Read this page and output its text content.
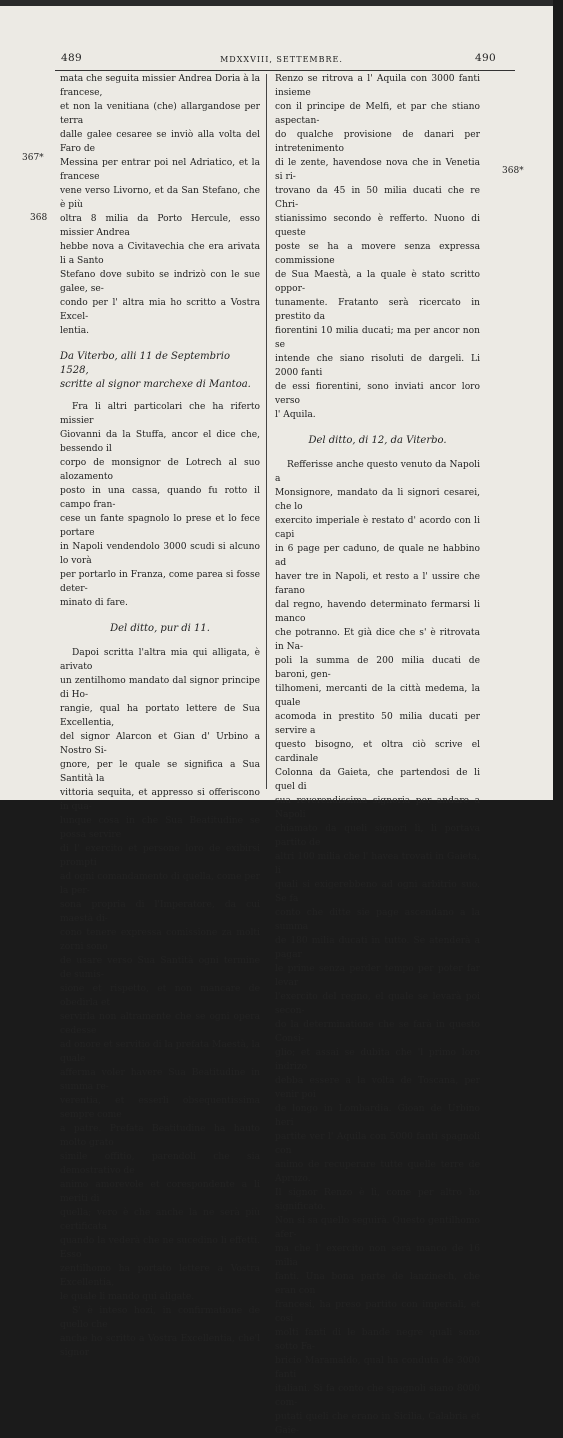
489	MDXXVIII, SETTEMBRE.	490
367*
368
368*

mata che seguita missier Andrea Doria à la francese,
et non la venitiana (che) allargandose per terra
dalle galee cesaree se inviò alla volta del Faro de
Messina per entrar poi nel Adriatico, et la francese
vene verso Livorno, et da San Stefano, che è più
oltra 8 milia da Porto Hercule, esso missier Andrea
hebbe nova a Civitavechia che era arivata li a Santo
Stefano dove subito se indrizò con le sue galee, se-
condo per l' altra mia ho scritto a Vostra Excel-
lentia.

Da Viterbo, alli 11 de Septembrio 1528,
scritte al signor marchexe di Mantoa.

Fra li altri particolari che ha riferto missier
Giovanni da la Stuffa, ancor el dice che, bessendo il
corpo de monsignor de Lotrech al suo alozamento
posto in una cassa, quando fu rotto il campo fran-
cese un fante spagnolo lo prese et lo fece portare
in Napoli vendendolo 3000 scudi si alcuno lo vorà
per portarlo in Franza, come parea si fosse deter-
minato di fare.

Del ditto, pur di 11.

Dapoi scritta l'altra mia qui alligata, è arivato
un zentilhomo mandato dal signor principe di Ho-
rangie, qual ha portato lettere de Sua Excellentia,
del signor Alarcon et Gian d' Urbino a Nostro Si-
gnore, per le quale se significa a Sua Santità la
vittoria sequita, et appresso si offeriscono in qua-
lunque cosa in che Sua Beatitudine se possa servire
di l' exercito et persone loro de exibirsi prompti
ad ogni comandamento di quella, come per la per-
sona propria di l'Imperatore, da cui maestà di-
cono tenere expressa comissione za molti zorni sono
de usare verso Sua Santità ogni termine de sumis-
sione et rispetto, et non mancare de obedirla et
servirla non altramente che se ogni opera cedesse
ad onore et servitio di la prefata Maestà, la quale
afferma voler havere Sua Beatitudine in summa re-
verentia, et esserli obsequentissima sempre come
a patre. Prefata Beatitudine ha hauto molto grato
simile offitio, parendoli che sia demostrativo de
animo amorevole et corespondente a li meriti di
quella; vero è che anche la ne serà più certificata
quando la vederà che ne sucedino li effetti. Esso
zentilhomo ha portato lettere a Vostra Excellentia,
le quale li mando qui aligate.

S' è inteso hozi, in confirmatione de quello che
anche ho scritto a Vostra Excellentia, che'l signor

Renzo se ritrova a l' Aquila con 3000 fanti insieme
con il principe de Melfi, et par che stiano aspectan-
do qualche provisione de danari per intretenimento
di le zente, havendose nova che in Venetia si ri-
trovano da 45 in 50 milia ducati che re Chri-
stianissimo secondo è refferto. Nuono di queste
poste se ha a movere senza expressa commissione
de Sua Maestà, a la quale è stato scritto oppor-
tunamente. Fratanto serà ricercato in prestito da
fiorentini 10 milia ducati; ma per ancor non se
intende che siano risoluti de dargeli. Li 2000 fanti
de essi fiorentini, sono inviati ancor loro verso
l' Aquila.

Del ditto, di 12, da Viterbo.

Refferisse anche questo venuto da Napoli a
Monsignore, mandato da li signori cesarei, che lo
exercito imperiale è restato d' acordo con li capi
in 6 page per caduno, de quale ne habbino ad
haver tre in Napoli, et resto a l' ussire che farano
dal regno, havendo determinato fermarsi li manco
che potranno. Et già dice che s' è ritrovata in Na-
poli la summa de 200 milia ducati de baroni, gen-
tilhomeni, mercanti de la città medema, la quale
acomoda in prestito 50 milia ducati per servire a
questo bisogno, et oltra ciò scrive el cardinale
Colonna da Gaieta, che partendosi de li quel di
sua reverendissima signoria per andare a Napoli
chiamato da queli signori lì, li portava partito de
altri 100 milia che l' havea trovati in Gaieta, li
quali si exigerebbeno ad ogni arbitrio suo. Se fa
conto che ditte sie page ascendano a la summa
de 180 milia ducati in tutto. Se atenderà a pagar
le prime senza perder tempo per poter far levar
l'exercito del regno, el quale se levarà poi secon-
do la determinatione che se farà in questo Consi-
glio; et assai se dubita che 'l primo loro indrizo
debba essere a la volta de Toscana, per venir poi
de longo in Lombardia. Gioan de Urbino heri
partite ver l' Aquila con 5000 fanti spagnoli con
animo de recuperare tutte quelle terre de Apruzo.
Il signor Renzo è lì, come per altro ho significato.
Non si sa quello seguirà. Questo gentilhomo afer-
ma che l' exercito non serà manco de 16 milia
fanti. Una bona parte de lanzinech, che eran con
francesi, ha preso partito con imperiali, et cosi
molti fanti di le bande negre quali sono sotto Fa-
bricio Maramaldo, qual ha conduta de 3000 fanti
italiani. Si fa conto che spagnoli siano 8000 com-
putati queli che erano in Sicilia, Calabria et Gaie-
